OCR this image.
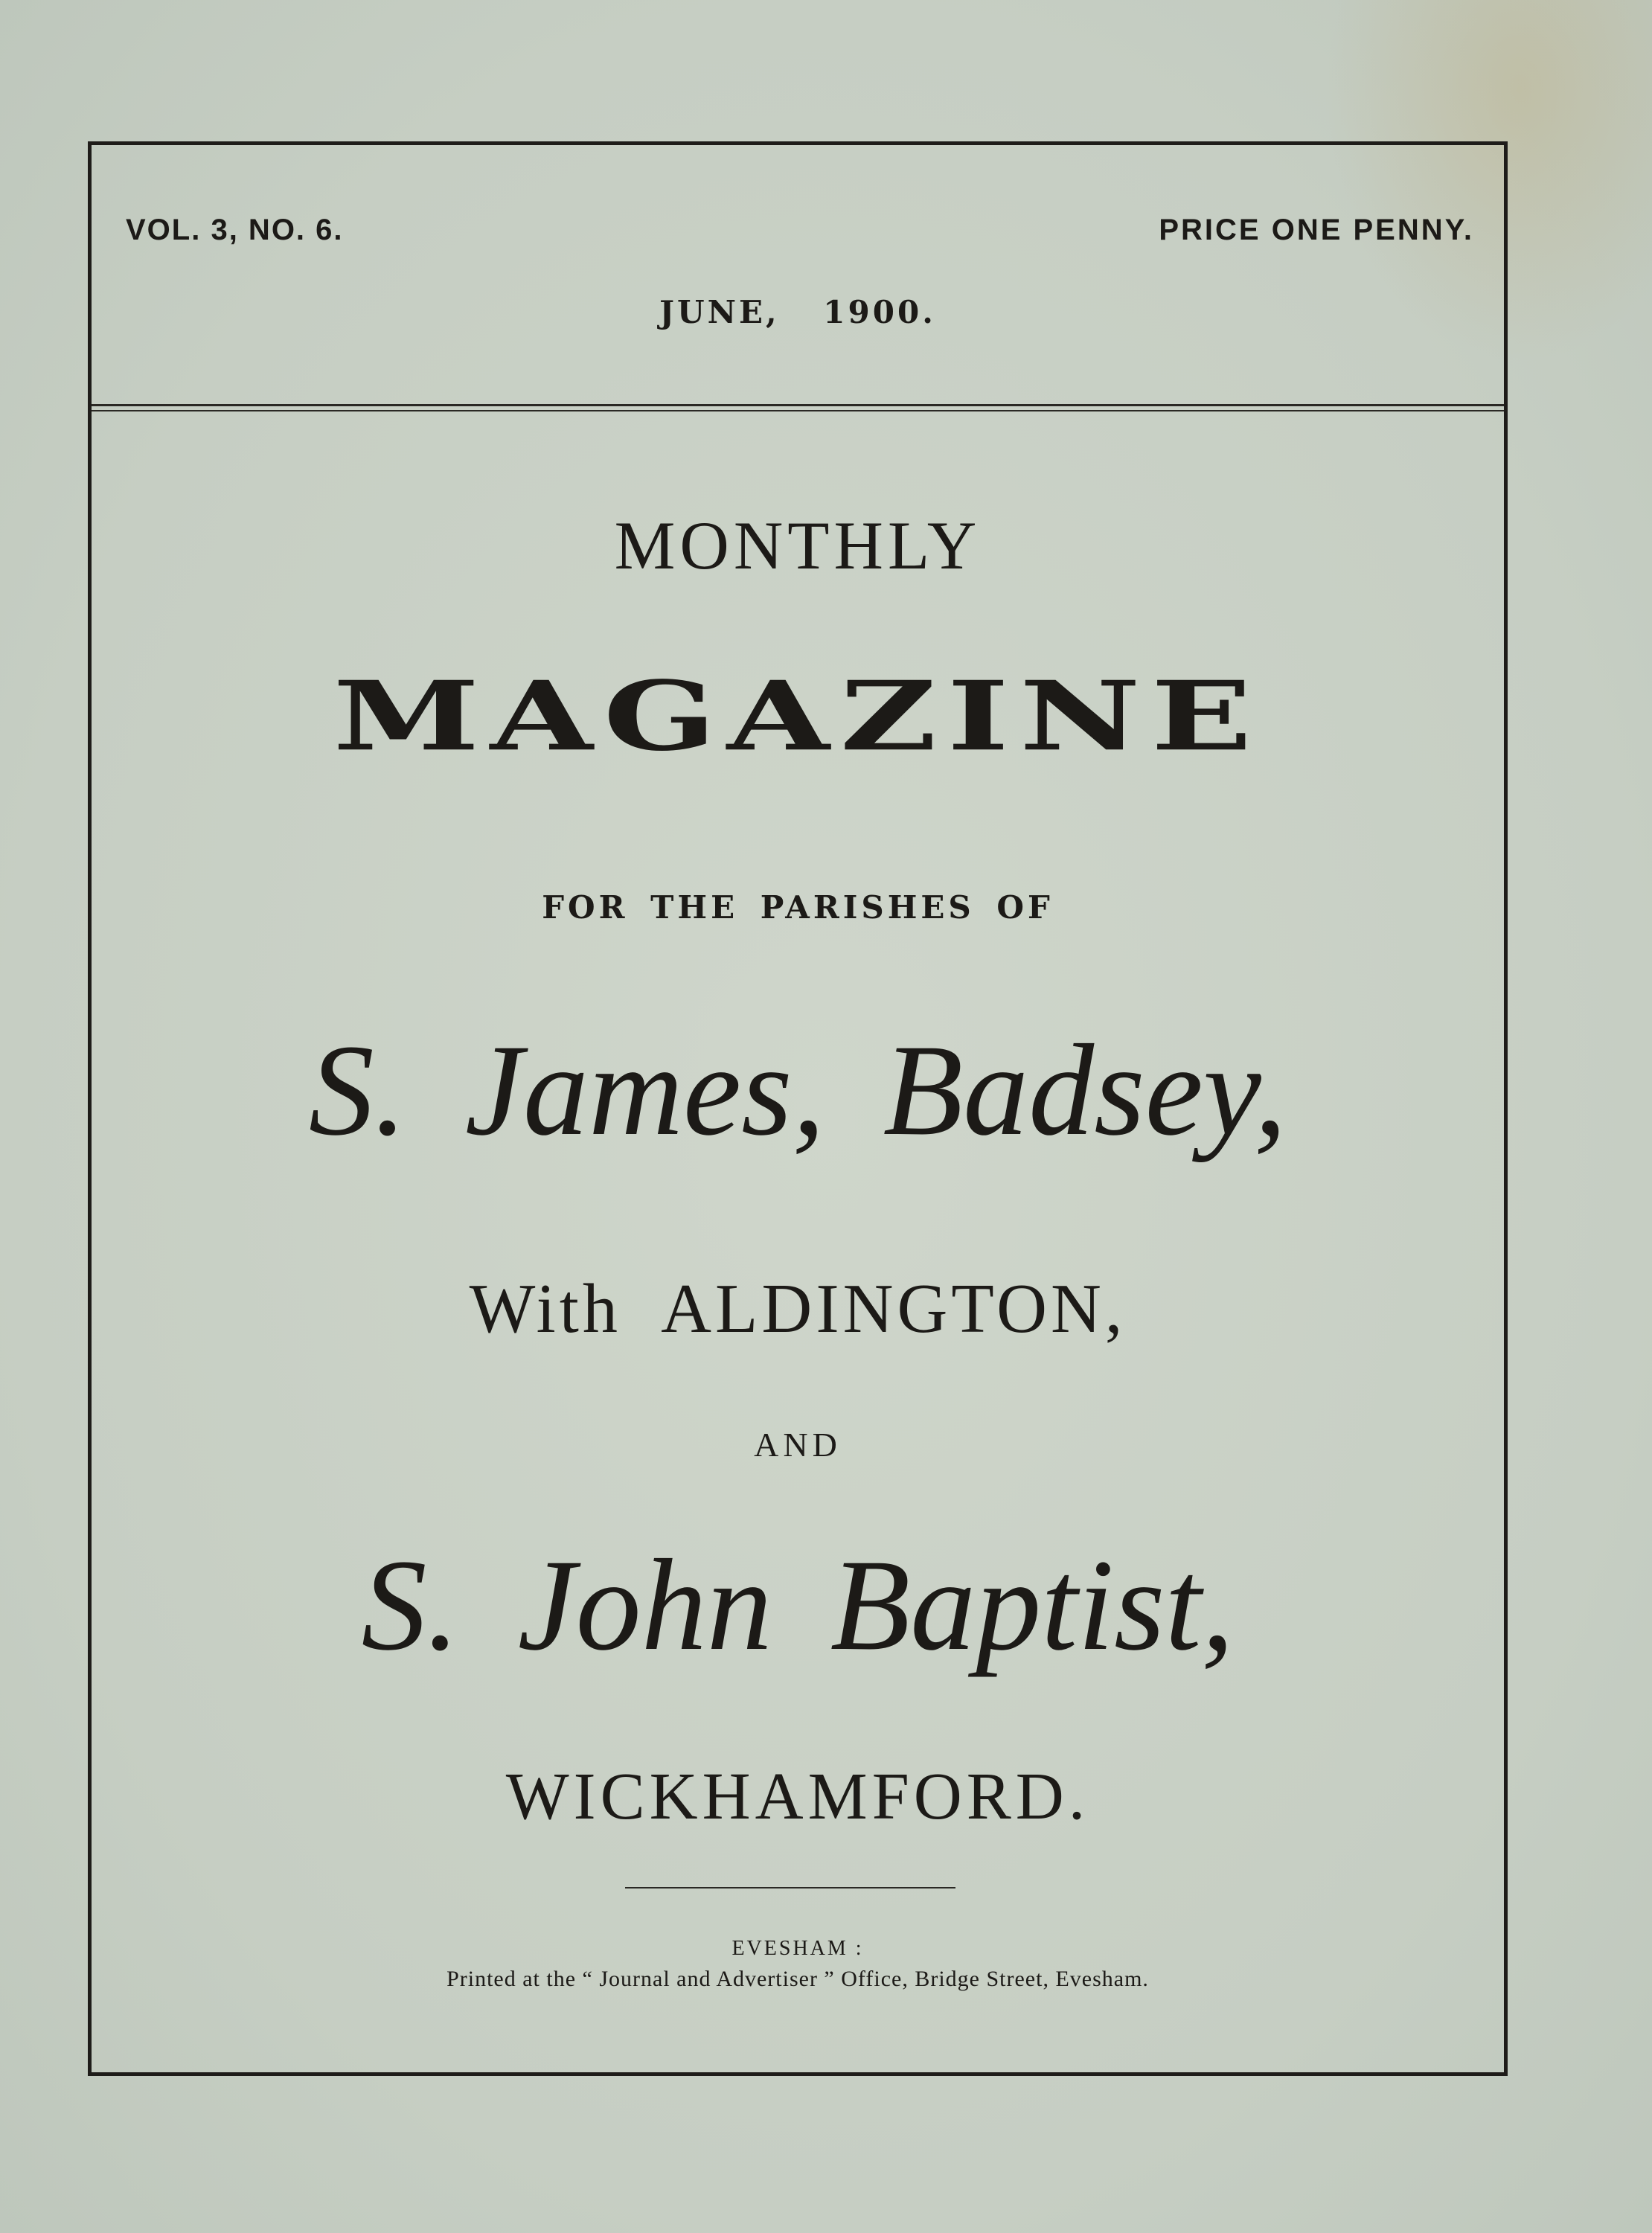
VOL. 3, NO. 6.	PRICE ONE PENNY.
JUNE, 1900.
MONTHLY
MAGAZINE
FOR THE PARISHES OF
S. James, Badsey,
With ALDINGTON,
AND
S. John Baptist,
WICKHAMFORD.
EVESHAM :
Printed at the “ Journal and Advertiser ” Office, Bridge Street, Evesham.
